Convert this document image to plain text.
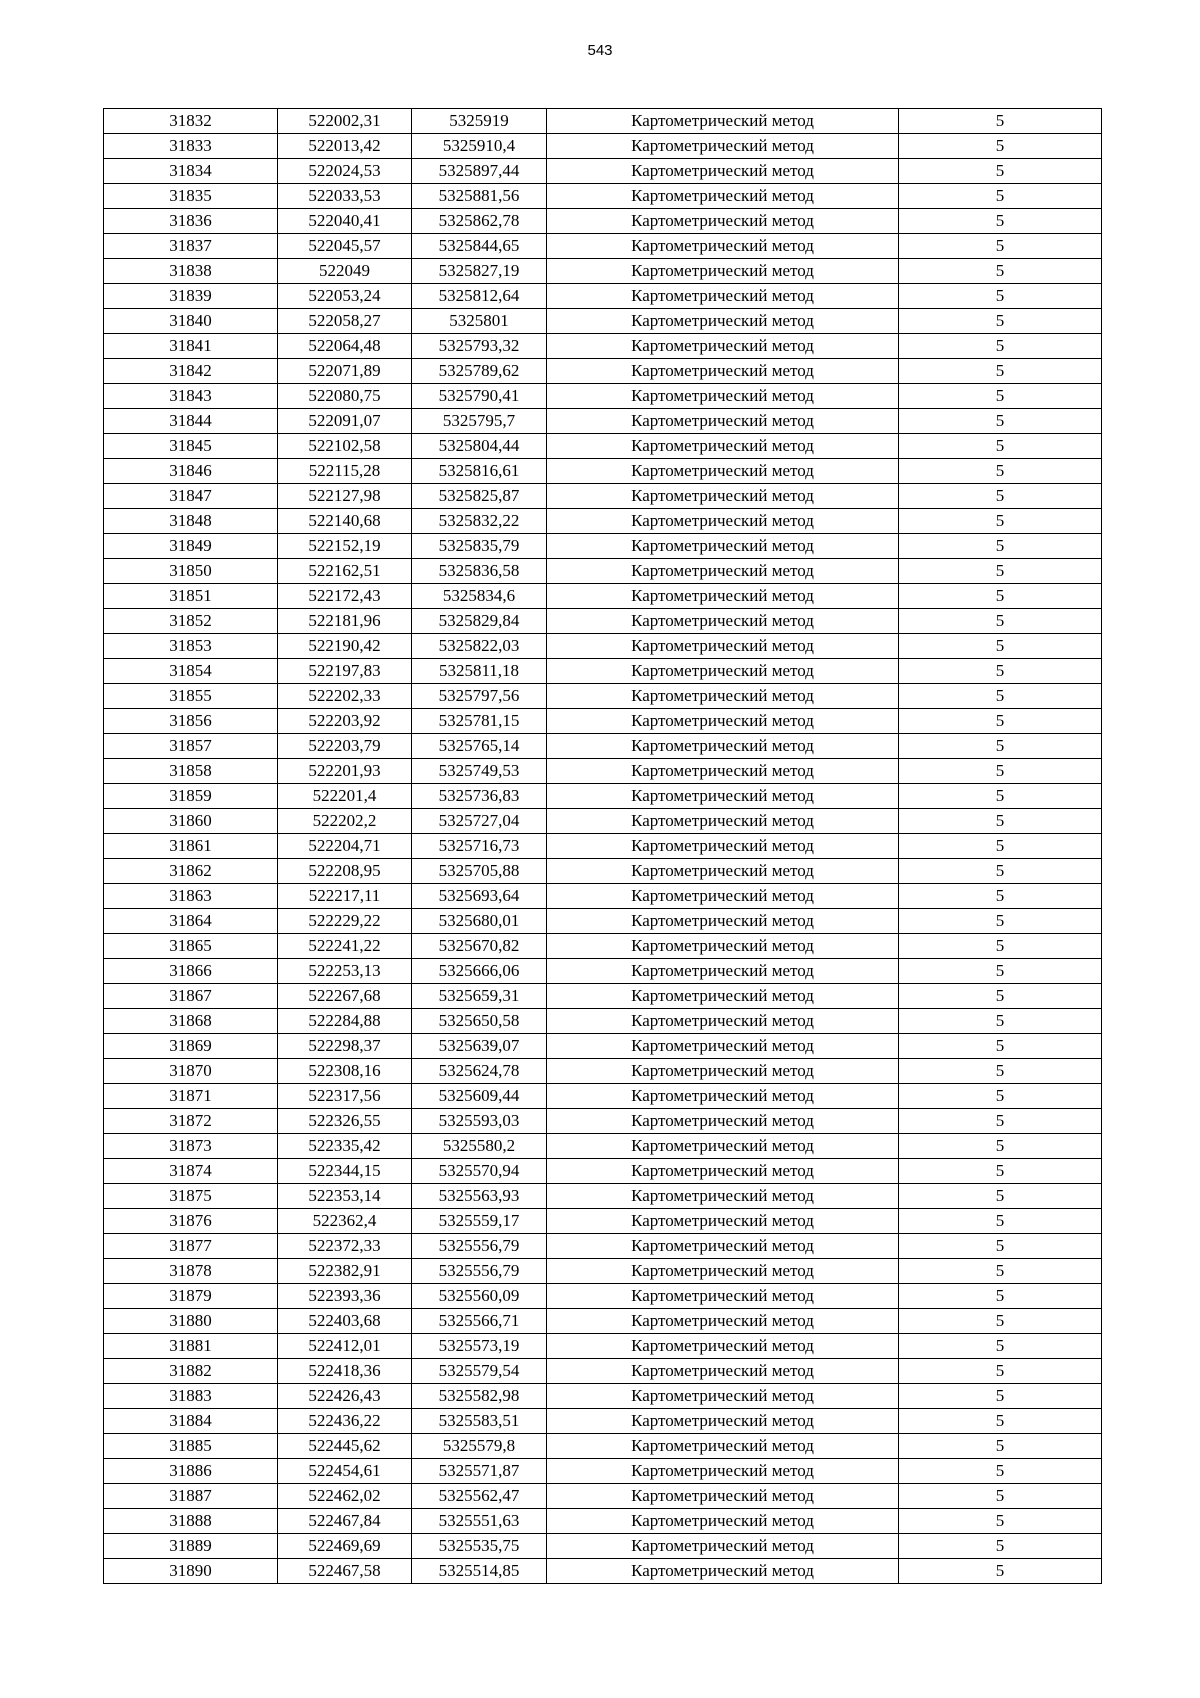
543
31832	522002,31	5325919	Картометрический метод	5
31833	522013,42	5325910,4	Картометрический метод	5
31834	522024,53	5325897,44	Картометрический метод	5
31835	522033,53	5325881,56	Картометрический метод	5
31836	522040,41	5325862,78	Картометрический метод	5
31837	522045,57	5325844,65	Картометрический метод	5
31838	522049	5325827,19	Картометрический метод	5
31839	522053,24	5325812,64	Картометрический метод	5
31840	522058,27	5325801	Картометрический метод	5
31841	522064,48	5325793,32	Картометрический метод	5
31842	522071,89	5325789,62	Картометрический метод	5
31843	522080,75	5325790,41	Картометрический метод	5
31844	522091,07	5325795,7	Картометрический метод	5
31845	522102,58	5325804,44	Картометрический метод	5
31846	522115,28	5325816,61	Картометрический метод	5
31847	522127,98	5325825,87	Картометрический метод	5
31848	522140,68	5325832,22	Картометрический метод	5
31849	522152,19	5325835,79	Картометрический метод	5
31850	522162,51	5325836,58	Картометрический метод	5
31851	522172,43	5325834,6	Картометрический метод	5
31852	522181,96	5325829,84	Картометрический метод	5
31853	522190,42	5325822,03	Картометрический метод	5
31854	522197,83	5325811,18	Картометрический метод	5
31855	522202,33	5325797,56	Картометрический метод	5
31856	522203,92	5325781,15	Картометрический метод	5
31857	522203,79	5325765,14	Картометрический метод	5
31858	522201,93	5325749,53	Картометрический метод	5
31859	522201,4	5325736,83	Картометрический метод	5
31860	522202,2	5325727,04	Картометрический метод	5
31861	522204,71	5325716,73	Картометрический метод	5
31862	522208,95	5325705,88	Картометрический метод	5
31863	522217,11	5325693,64	Картометрический метод	5
31864	522229,22	5325680,01	Картометрический метод	5
31865	522241,22	5325670,82	Картометрический метод	5
31866	522253,13	5325666,06	Картометрический метод	5
31867	522267,68	5325659,31	Картометрический метод	5
31868	522284,88	5325650,58	Картометрический метод	5
31869	522298,37	5325639,07	Картометрический метод	5
31870	522308,16	5325624,78	Картометрический метод	5
31871	522317,56	5325609,44	Картометрический метод	5
31872	522326,55	5325593,03	Картометрический метод	5
31873	522335,42	5325580,2	Картометрический метод	5
31874	522344,15	5325570,94	Картометрический метод	5
31875	522353,14	5325563,93	Картометрический метод	5
31876	522362,4	5325559,17	Картометрический метод	5
31877	522372,33	5325556,79	Картометрический метод	5
31878	522382,91	5325556,79	Картометрический метод	5
31879	522393,36	5325560,09	Картометрический метод	5
31880	522403,68	5325566,71	Картометрический метод	5
31881	522412,01	5325573,19	Картометрический метод	5
31882	522418,36	5325579,54	Картометрический метод	5
31883	522426,43	5325582,98	Картометрический метод	5
31884	522436,22	5325583,51	Картометрический метод	5
31885	522445,62	5325579,8	Картометрический метод	5
31886	522454,61	5325571,87	Картометрический метод	5
31887	522462,02	5325562,47	Картометрический метод	5
31888	522467,84	5325551,63	Картометрический метод	5
31889	522469,69	5325535,75	Картометрический метод	5
31890	522467,58	5325514,85	Картометрический метод	5
